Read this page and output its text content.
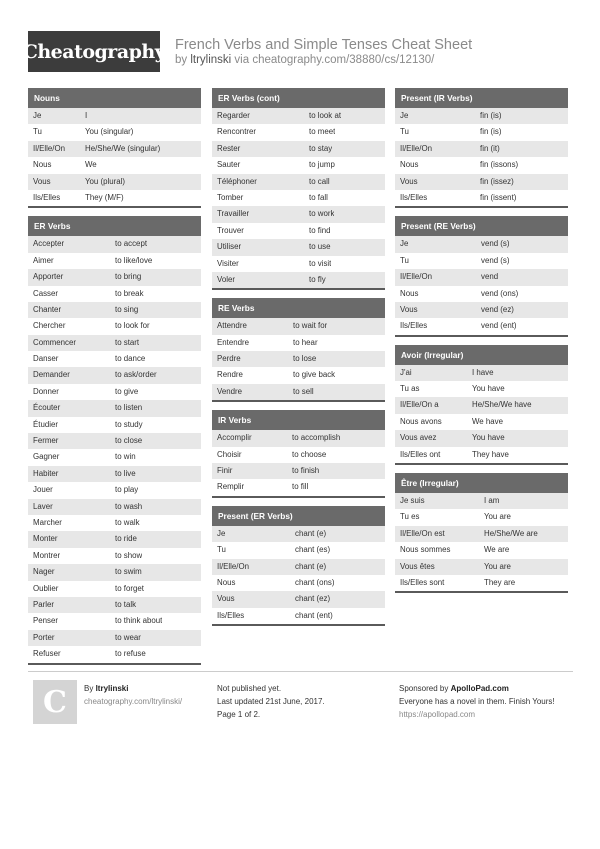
Cheatography French Verbs and Simple Tenses Cheat Sheet
by ltrylinski via cheatography.com/38880/cs/12130/
Nouns
Je	I
Tu	You (singular)
Il/Elle/On	He/She/We (singular)
Nous	We
Vous	You (plural)
Ils/Elles	They (M/F)
ER Verbs
Accepter	to accept
Aimer	to like/love
Apporter	to bring
Casser	to break
Chanter	to sing
Chercher	to look for
Commencer	to start
Danser	to dance
Demander	to ask/order
Donner	to give
Écouter	to listen
Étudier	to study
Fermer	to close
Gagner	to win
Habiter	to live
Jouer	to play
Laver	to wash
Marcher	to walk
Monter	to ride
Montrer	to show
Nager	to swim
Oublier	to forget
Parler	to talk
Penser	to think about
Porter	to wear
Refuser	to refuse
ER Verbs (cont)
Regarder	to look at
Rencontrer	to meet
Rester	to stay
Sauter	to jump
Téléphoner	to call
Tomber	to fall
Travailler	to work
Trouver	to find
Utiliser	to use
Visiter	to visit
Voler	to fly
RE Verbs
Attendre	to wait for
Entendre	to hear
Perdre	to lose
Rendre	to give back
Vendre	to sell
IR Verbs
Accomplir	to accomplish
Choisir	to choose
Finir	to finish
Remplir	to fill
Present (ER Verbs)
Je	chant (e)
Tu	chant (es)
Il/Elle/On	chant (e)
Nous	chant (ons)
Vous	chant (ez)
Ils/Elles	chant (ent)
Present (IR Verbs)
Je	fin (is)
Tu	fin (is)
Il/Elle/On	fin (it)
Nous	fin (issons)
Vous	fin (issez)
Ils/Elles	fin (issent)
Present (RE Verbs)
Je	vend (s)
Tu	vend (s)
Il/Elle/On	vend
Nous	vend (ons)
Vous	vend (ez)
Ils/Elles	vend (ent)
Avoir (Irregular)
J'ai	I have
Tu as	You have
Il/Elle/On a	He/She/We have
Nous avons	We have
Vous avez	You have
Ils/Elles ont	They have
Être (Irregular)
Je suis	I am
Tu es	You are
Il/Elle/On est	He/She/We are
Nous sommes	We are
Vous êtes	You are
Ils/Elles sont	They are
C	By ltrylinski
cheatography.com/ltrylinski/
Not published yet.
Last updated 21st June, 2017.
Page 1 of 2.
Sponsored by ApolloPad.com
Everyone has a novel in them. Finish Yours!
https://apollopad.com
